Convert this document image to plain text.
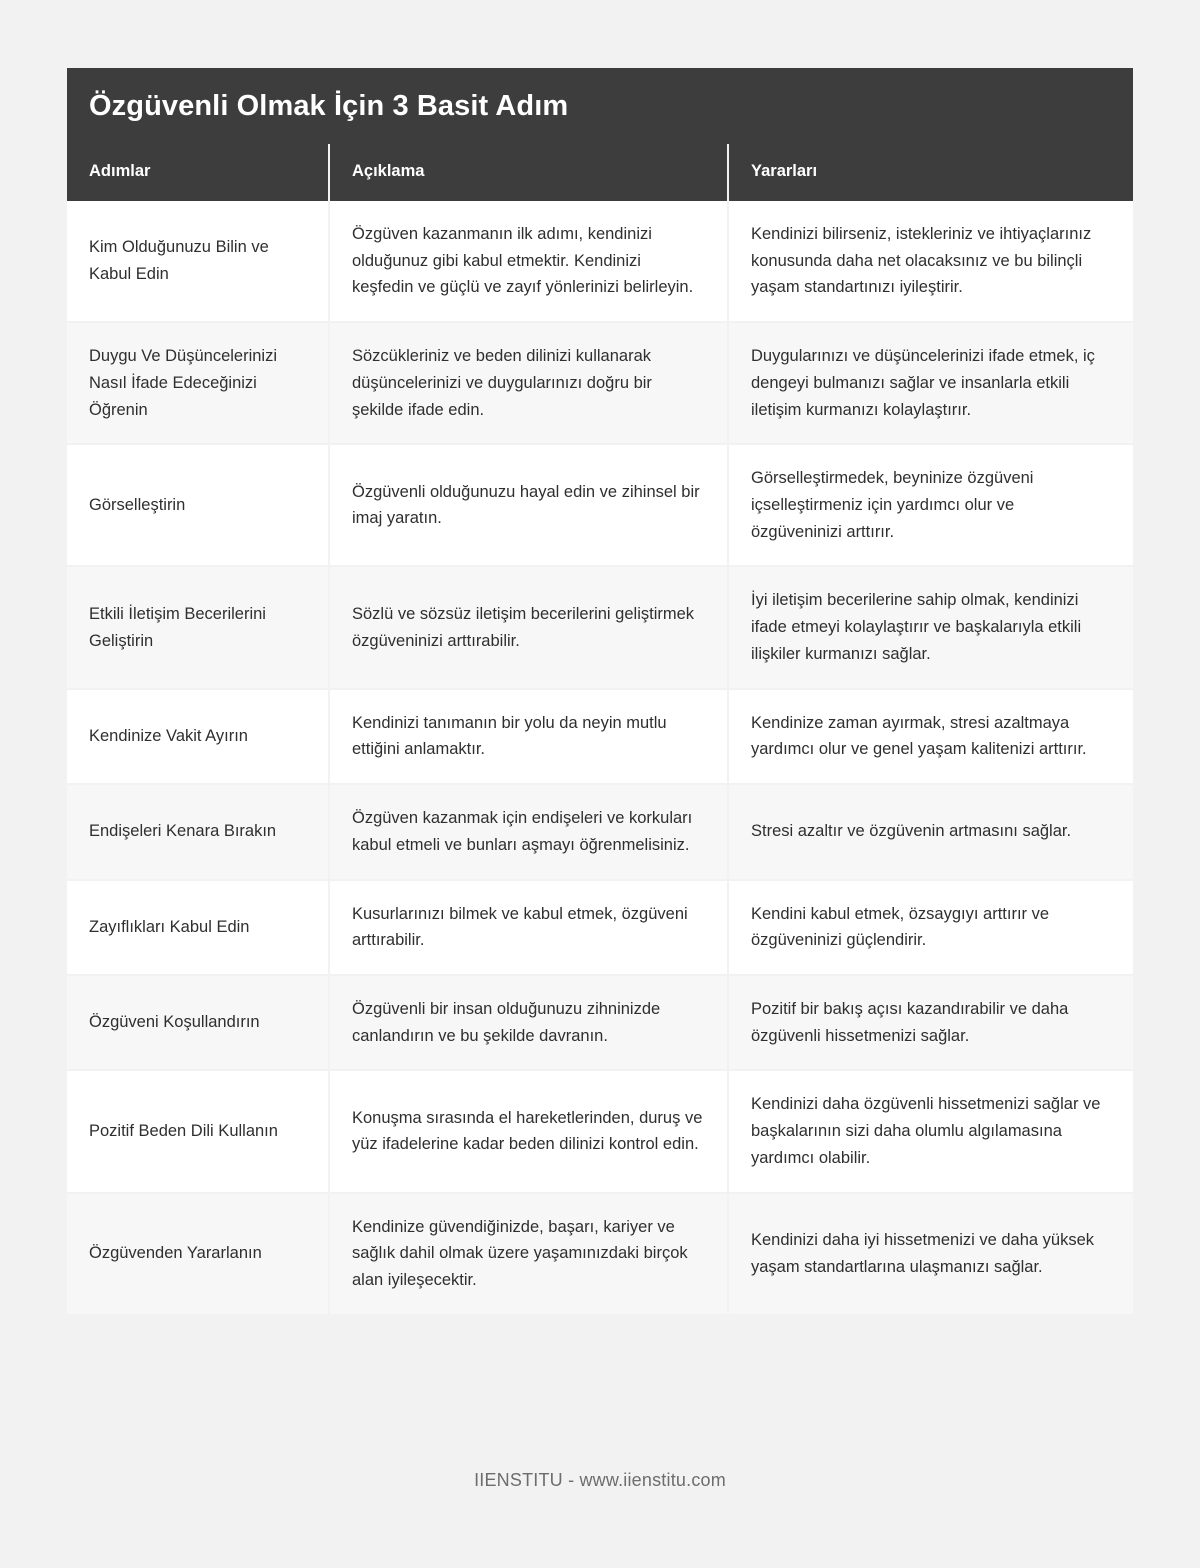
Özgüvenli Olmak İçin 3 Basit Adım
Adımlar	Açıklama	Yararları
Kim Olduğunuzu Bilin ve Kabul Edin	Özgüven kazanmanın ilk adımı, kendinizi olduğunuz gibi kabul etmektir. Kendinizi keşfedin ve güçlü ve zayıf yönlerinizi belirleyin.	Kendinizi bilirseniz, istekleriniz ve ihtiyaçlarınız konusunda daha net olacaksınız ve bu bilinçli yaşam standartınızı iyileştirir.
Duygu Ve Düşüncelerinizi Nasıl İfade Edeceğinizi Öğrenin	Sözcükleriniz ve beden dilinizi kullanarak düşüncelerinizi ve duygularınızı doğru bir şekilde ifade edin.	Duygularınızı ve düşüncelerinizi ifade etmek, iç dengeyi bulmanızı sağlar ve insanlarla etkili iletişim kurmanızı kolaylaştırır.
Görselleştirin	Özgüvenli olduğunuzu hayal edin ve zihinsel bir imaj yaratın.	Görselleştirmedek, beyninize özgüveni içselleştirmeniz için yardımcı olur ve özgüveninizi arttırır.
Etkili İletişim Becerilerini Geliştirin	Sözlü ve sözsüz iletişim becerilerini geliştirmek özgüveninizi arttırabilir.	İyi iletişim becerilerine sahip olmak, kendinizi ifade etmeyi kolaylaştırır ve başkalarıyla etkili ilişkiler kurmanızı sağlar.
Kendinize Vakit Ayırın	Kendinizi tanımanın bir yolu da neyin mutlu ettiğini anlamaktır.	Kendinize zaman ayırmak, stresi azaltmaya yardımcı olur ve genel yaşam kalitenizi arttırır.
Endişeleri Kenara Bırakın	Özgüven kazanmak için endişeleri ve korkuları kabul etmeli ve bunları aşmayı öğrenmelisiniz.	Stresi azaltır ve özgüvenin artmasını sağlar.
Zayıflıkları Kabul Edin	Kusurlarınızı bilmek ve kabul etmek, özgüveni arttırabilir.	Kendini kabul etmek, özsaygıyı arttırır ve özgüveninizi güçlendirir.
Özgüveni Koşullandırın	Özgüvenli bir insan olduğunuzu zihninizde canlandırın ve bu şekilde davranın.	Pozitif bir bakış açısı kazandırabilir ve daha özgüvenli hissetmenizi sağlar.
Pozitif Beden Dili Kullanın	Konuşma sırasında el hareketlerinden, duruş ve yüz ifadelerine kadar beden dilinizi kontrol edin.	Kendinizi daha özgüvenli hissetmenizi sağlar ve başkalarının sizi daha olumlu algılamasına yardımcı olabilir.
Özgüvenden Yararlanın	Kendinize güvendiğinizde, başarı, kariyer ve sağlık dahil olmak üzere yaşamınızdaki birçok alan iyileşecektir.	Kendinizi daha iyi hissetmenizi ve daha yüksek yaşam standartlarına ulaşmanızı sağlar.
IIENSTITU - www.iienstitu.com
